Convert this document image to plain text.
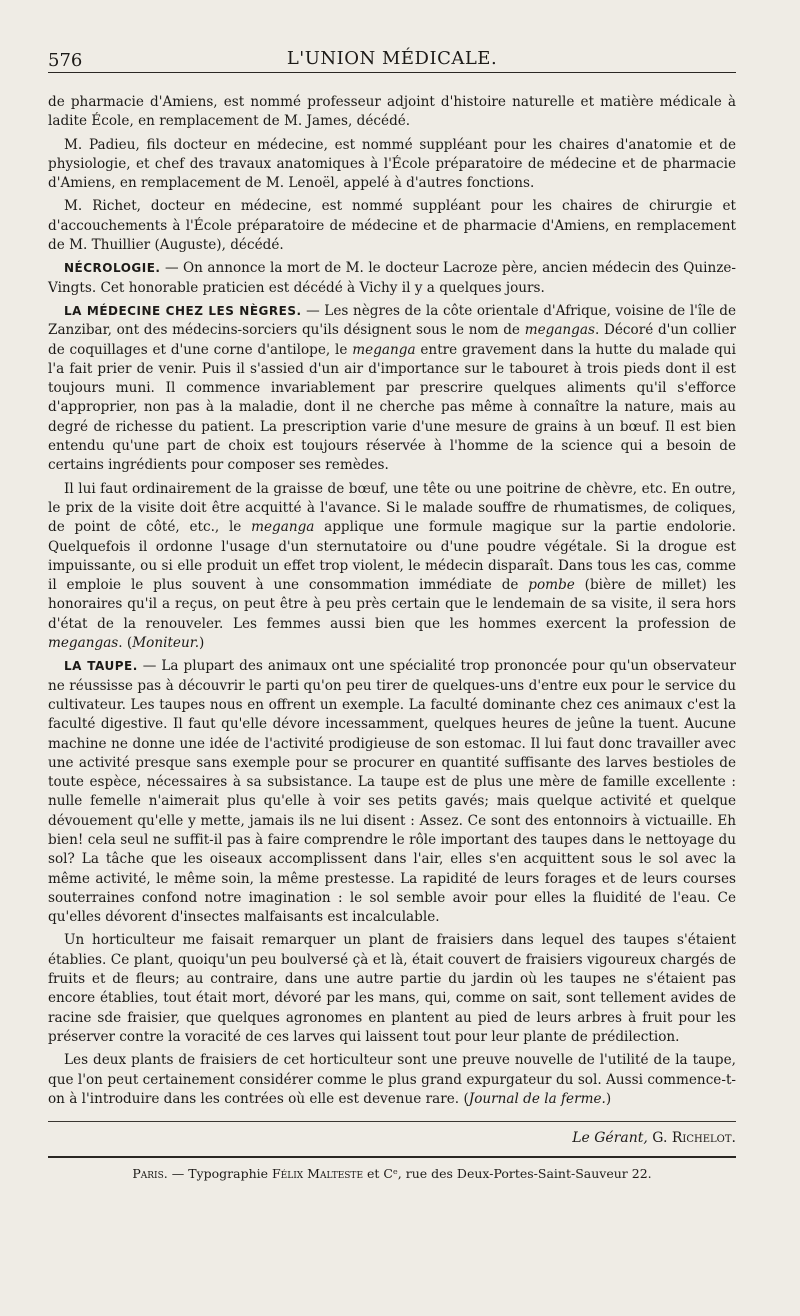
576	L'UNION MÉDICALE.

de pharmacie d'Amiens, est nommé professeur adjoint d'histoire naturelle et matière médicale à ladite École, en remplacement de M. James, décédé.

M. Padieu, fils docteur en médecine, est nommé suppléant pour les chaires d'anatomie et de physiologie, et chef des travaux anatomiques à l'École préparatoire de médecine et de pharmacie d'Amiens, en remplacement de M. Lenoël, appelé à d'autres fonctions.

M. Richet, docteur en médecine, est nommé suppléant pour les chaires de chirurgie et d'accouchements à l'École préparatoire de médecine et de pharmacie d'Amiens, en remplacement de M. Thuillier (Auguste), décédé.

NÉCROLOGIE. — On annonce la mort de M. le docteur Lacroze père, ancien médecin des Quinze-Vingts. Cet honorable praticien est décédé à Vichy il y a quelques jours.

LA MÉDECINE CHEZ LES NÈGRES. — Les nègres de la côte orientale d'Afrique, voisine de l'île de Zanzibar, ont des médecins-sorciers qu'ils désignent sous le nom de megangas. Décoré d'un collier de coquillages et d'une corne d'antilope, le meganga entre gravement dans la hutte du malade qui l'a fait prier de venir. Puis il s'assied d'un air d'importance sur le tabouret à trois pieds dont il est toujours muni. Il commence invariablement par prescrire quelques aliments qu'il s'efforce d'approprier, non pas à la maladie, dont il ne cherche pas même à connaître la nature, mais au degré de richesse du patient. La prescription varie d'une mesure de grains à un bœuf. Il est bien entendu qu'une part de choix est toujours réservée à l'homme de la science qui a besoin de certains ingrédients pour composer ses remèdes.

Il lui faut ordinairement de la graisse de bœuf, une tête ou une poitrine de chèvre, etc. En outre, le prix de la visite doit être acquitté à l'avance. Si le malade souffre de rhumatismes, de coliques, de point de côté, etc., le meganga applique une formule magique sur la partie endolorie. Quelquefois il ordonne l'usage d'un sternutatoire ou d'une poudre végétale. Si la drogue est impuissante, ou si elle produit un effet trop violent, le médecin disparaît. Dans tous les cas, comme il emploie le plus souvent à une consommation immédiate de pombe (bière de millet) les honoraires qu'il a reçus, on peut être à peu près certain que le lendemain de sa visite, il sera hors d'état de la renouveler. Les femmes aussi bien que les hommes exercent la profession de megangas. (Moniteur.)

LA TAUPE. — La plupart des animaux ont une spécialité trop prononcée pour qu'un observateur ne réussisse pas à découvrir le parti qu'on peu tirer de quelques-uns d'entre eux pour le service du cultivateur. Les taupes nous en offrent un exemple. La faculté dominante chez ces animaux c'est la faculté digestive. Il faut qu'elle dévore incessamment, quelques heures de jeûne la tuent. Aucune machine ne donne une idée de l'activité prodigieuse de son estomac. Il lui faut donc travailler avec une activité presque sans exemple pour se procurer en quantité suffisante des larves bestioles de toute espèce, nécessaires à sa subsistance. La taupe est de plus une mère de famille excellente : nulle femelle n'aimerait plus qu'elle à voir ses petits gavés; mais quelque activité et quelque dévouement qu'elle y mette, jamais ils ne lui disent : Assez. Ce sont des entonnoirs à victuaille. Eh bien! cela seul ne suffit-il pas à faire comprendre le rôle important des taupes dans le nettoyage du sol? La tâche que les oiseaux accomplissent dans l'air, elles s'en acquittent sous le sol avec la même activité, le même soin, la même prestesse. La rapidité de leurs forages et de leurs courses souterraines confond notre imagination : le sol semble avoir pour elles la fluidité de l'eau. Ce qu'elles dévorent d'insectes malfaisants est incalculable.

Un horticulteur me faisait remarquer un plant de fraisiers dans lequel des taupes s'étaient établies. Ce plant, quoiqu'un peu boulversé çà et là, était couvert de fraisiers vigoureux chargés de fruits et de fleurs; au contraire, dans une autre partie du jardin où les taupes ne s'étaient pas encore établies, tout était mort, dévoré par les mans, qui, comme on sait, sont tellement avides de racine sde fraisier, que quelques agronomes en plantent au pied de leurs arbres à fruit pour les préserver contre la voracité de ces larves qui laissent tout pour leur plante de prédilection.

Les deux plants de fraisiers de cet horticulteur sont une preuve nouvelle de l'utilité de la taupe, que l'on peut certainement considérer comme le plus grand expurgateur du sol. Aussi commence-t-on à l'introduire dans les contrées où elle est devenue rare. (Journal de la ferme.)

Le Gérant, G. Richelot.
Paris. — Typographie Félix Malteste et Cᵉ, rue des Deux-Portes-Saint-Sauveur 22.
